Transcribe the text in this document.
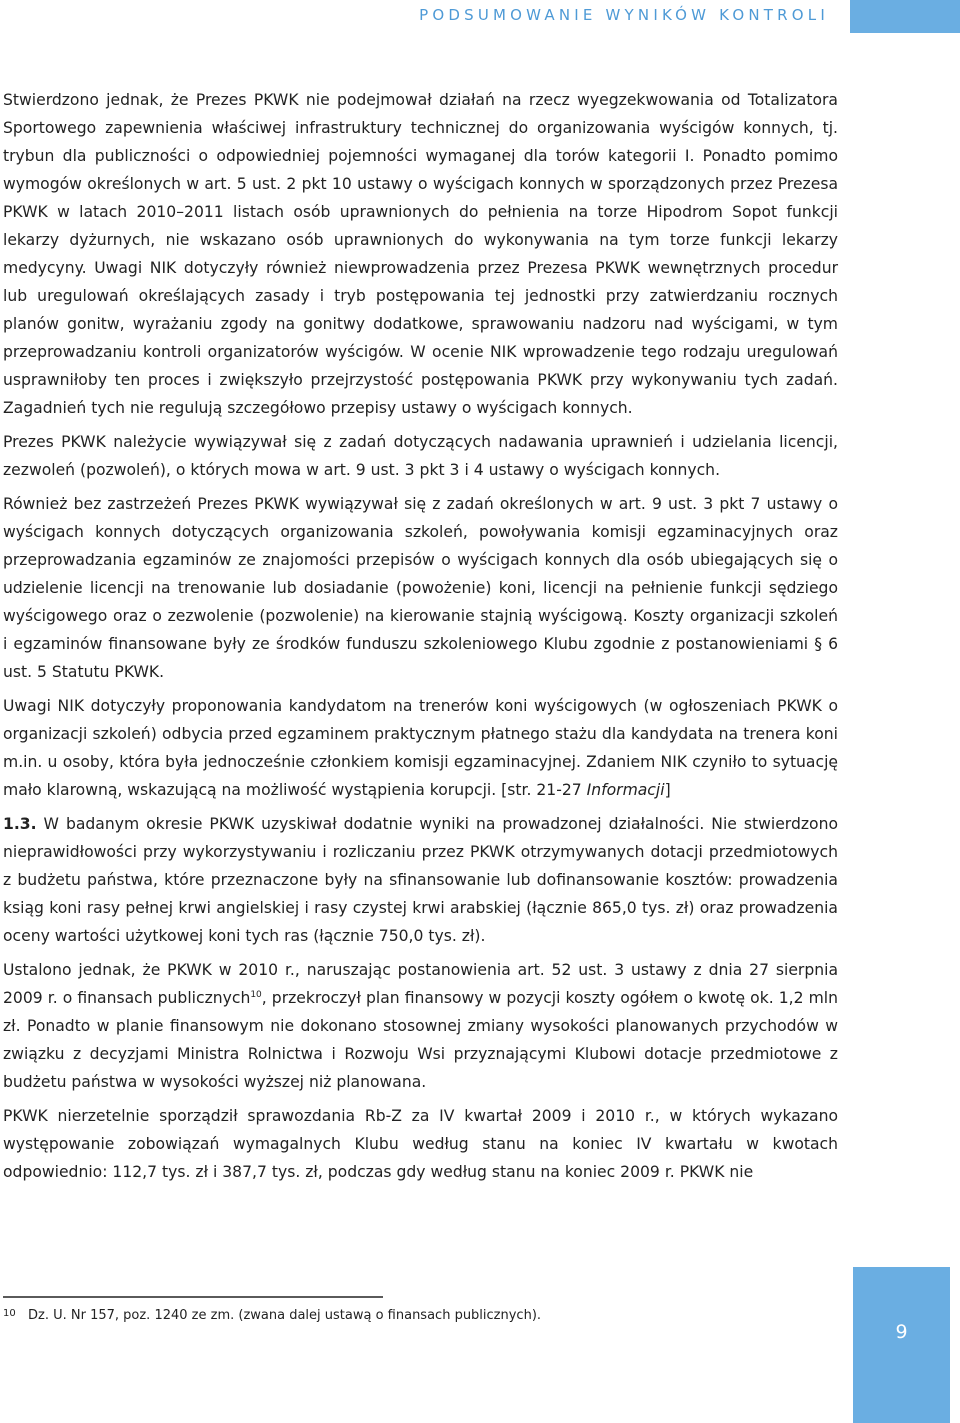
PODSUMOWANIE WYNIKÓW KONTROLI

Stwierdzono jednak, że Prezes PKWK nie podejmował działań na rzecz wyegzekwowania od Totalizatora Sportowego zapewnienia właściwej infrastruktury technicznej do organizowania wyścigów konnych, tj. trybun dla publiczności o odpowiedniej pojemności wymaganej dla torów kategorii I. Ponadto pomimo wymogów określonych w art. 5 ust. 2 pkt 10 ustawy o wyścigach konnych w sporządzonych przez Prezesa PKWK w latach 2010–2011 listach osób uprawnionych do pełnienia na torze Hipodrom Sopot funkcji lekarzy dyżurnych, nie wskazano osób uprawnionych do wykonywania na tym torze funkcji lekarzy medycyny. Uwagi NIK dotyczyły również niewprowadzenia przez Prezesa PKWK wewnętrznych procedur lub uregulowań określających zasady i tryb postępowania tej jednostki przy zatwierdzaniu rocznych planów gonitw, wyrażaniu zgody na gonitwy dodatkowe, sprawowaniu nadzoru nad wyścigami, w tym przeprowadzaniu kontroli organizatorów wyścigów. W ocenie NIK wprowadzenie tego rodzaju uregulowań usprawniłoby ten proces i zwiększyło przejrzystość postępowania PKWK przy wykonywaniu tych zadań. Zagadnień tych nie regulują szczegółowo przepisy ustawy o wyścigach konnych.

Prezes PKWK należycie wywiązywał się z zadań dotyczących nadawania uprawnień i udzielania licencji, zezwoleń (pozwoleń), o których mowa w art. 9 ust. 3 pkt 3 i 4 ustawy o wyścigach konnych.

Również bez zastrzeżeń Prezes PKWK wywiązywał się z zadań określonych w art. 9 ust. 3 pkt 7 ustawy o wyścigach konnych dotyczących organizowania szkoleń, powoływania komisji egzaminacyjnych oraz przeprowadzania egzaminów ze znajomości przepisów o wyścigach konnych dla osób ubiegających się o udzielenie licencji na trenowanie lub dosiadanie (powożenie) koni, licencji na pełnienie funkcji sędziego wyścigowego oraz o zezwolenie (pozwolenie) na kierowanie stajnią wyścigową. Koszty organizacji szkoleń i egzaminów finansowane były ze środków funduszu szkoleniowego Klubu zgodnie z postanowieniami § 6 ust. 5 Statutu PKWK.

Uwagi NIK dotyczyły proponowania kandydatom na trenerów koni wyścigowych (w ogłoszeniach PKWK o organizacji szkoleń) odbycia przed egzaminem praktycznym płatnego stażu dla kandydata na trenera koni m.in. u osoby, która była jednocześnie członkiem komisji egzaminacyjnej. Zdaniem NIK czyniło to sytuację mało klarowną, wskazującą na możliwość wystąpienia korupcji. [str. 21-27 Informacji]

1.3. W badanym okresie PKWK uzyskiwał dodatnie wyniki na prowadzonej działalności. Nie stwierdzono nieprawidłowości przy wykorzystywaniu i rozliczaniu przez PKWK otrzymywanych dotacji przedmiotowych z budżetu państwa, które przeznaczone były na sfinansowanie lub dofinansowanie kosztów: prowadzenia ksiąg koni rasy pełnej krwi angielskiej i rasy czystej krwi arabskiej (łącznie 865,0 tys. zł) oraz prowadzenia oceny wartości użytkowej koni tych ras (łącznie 750,0 tys. zł).

Ustalono jednak, że PKWK w 2010 r., naruszając postanowienia art. 52 ust. 3 ustawy z dnia 27 sierpnia 2009 r. o finansach publicznych$^{10}$, przekroczył plan finansowy w pozycji koszty ogółem o kwotę ok. 1,2 mln zł. Ponadto w planie finansowym nie dokonano stosownej zmiany wysokości planowanych przychodów w związku z decyzjami Ministra Rolnictwa i Rozwoju Wsi przyznającymi Klubowi dotacje przedmiotowe z budżetu państwa w wysokości wyższej niż planowana.

PKWK nierzetelnie sporządził sprawozdania Rb-Z za IV kwartał 2009 i 2010 r., w których wykazano występowanie zobowiązań wymagalnych Klubu według stanu na koniec IV kwartału w kwotach odpowiednio: 112,7 tys. zł i 387,7 tys. zł, podczas gdy według stanu na koniec 2009 r. PKWK nie

10 Dz. U. Nr 157, poz. 1240 ze zm. (zwana dalej ustawą o finansach publicznych).
9
